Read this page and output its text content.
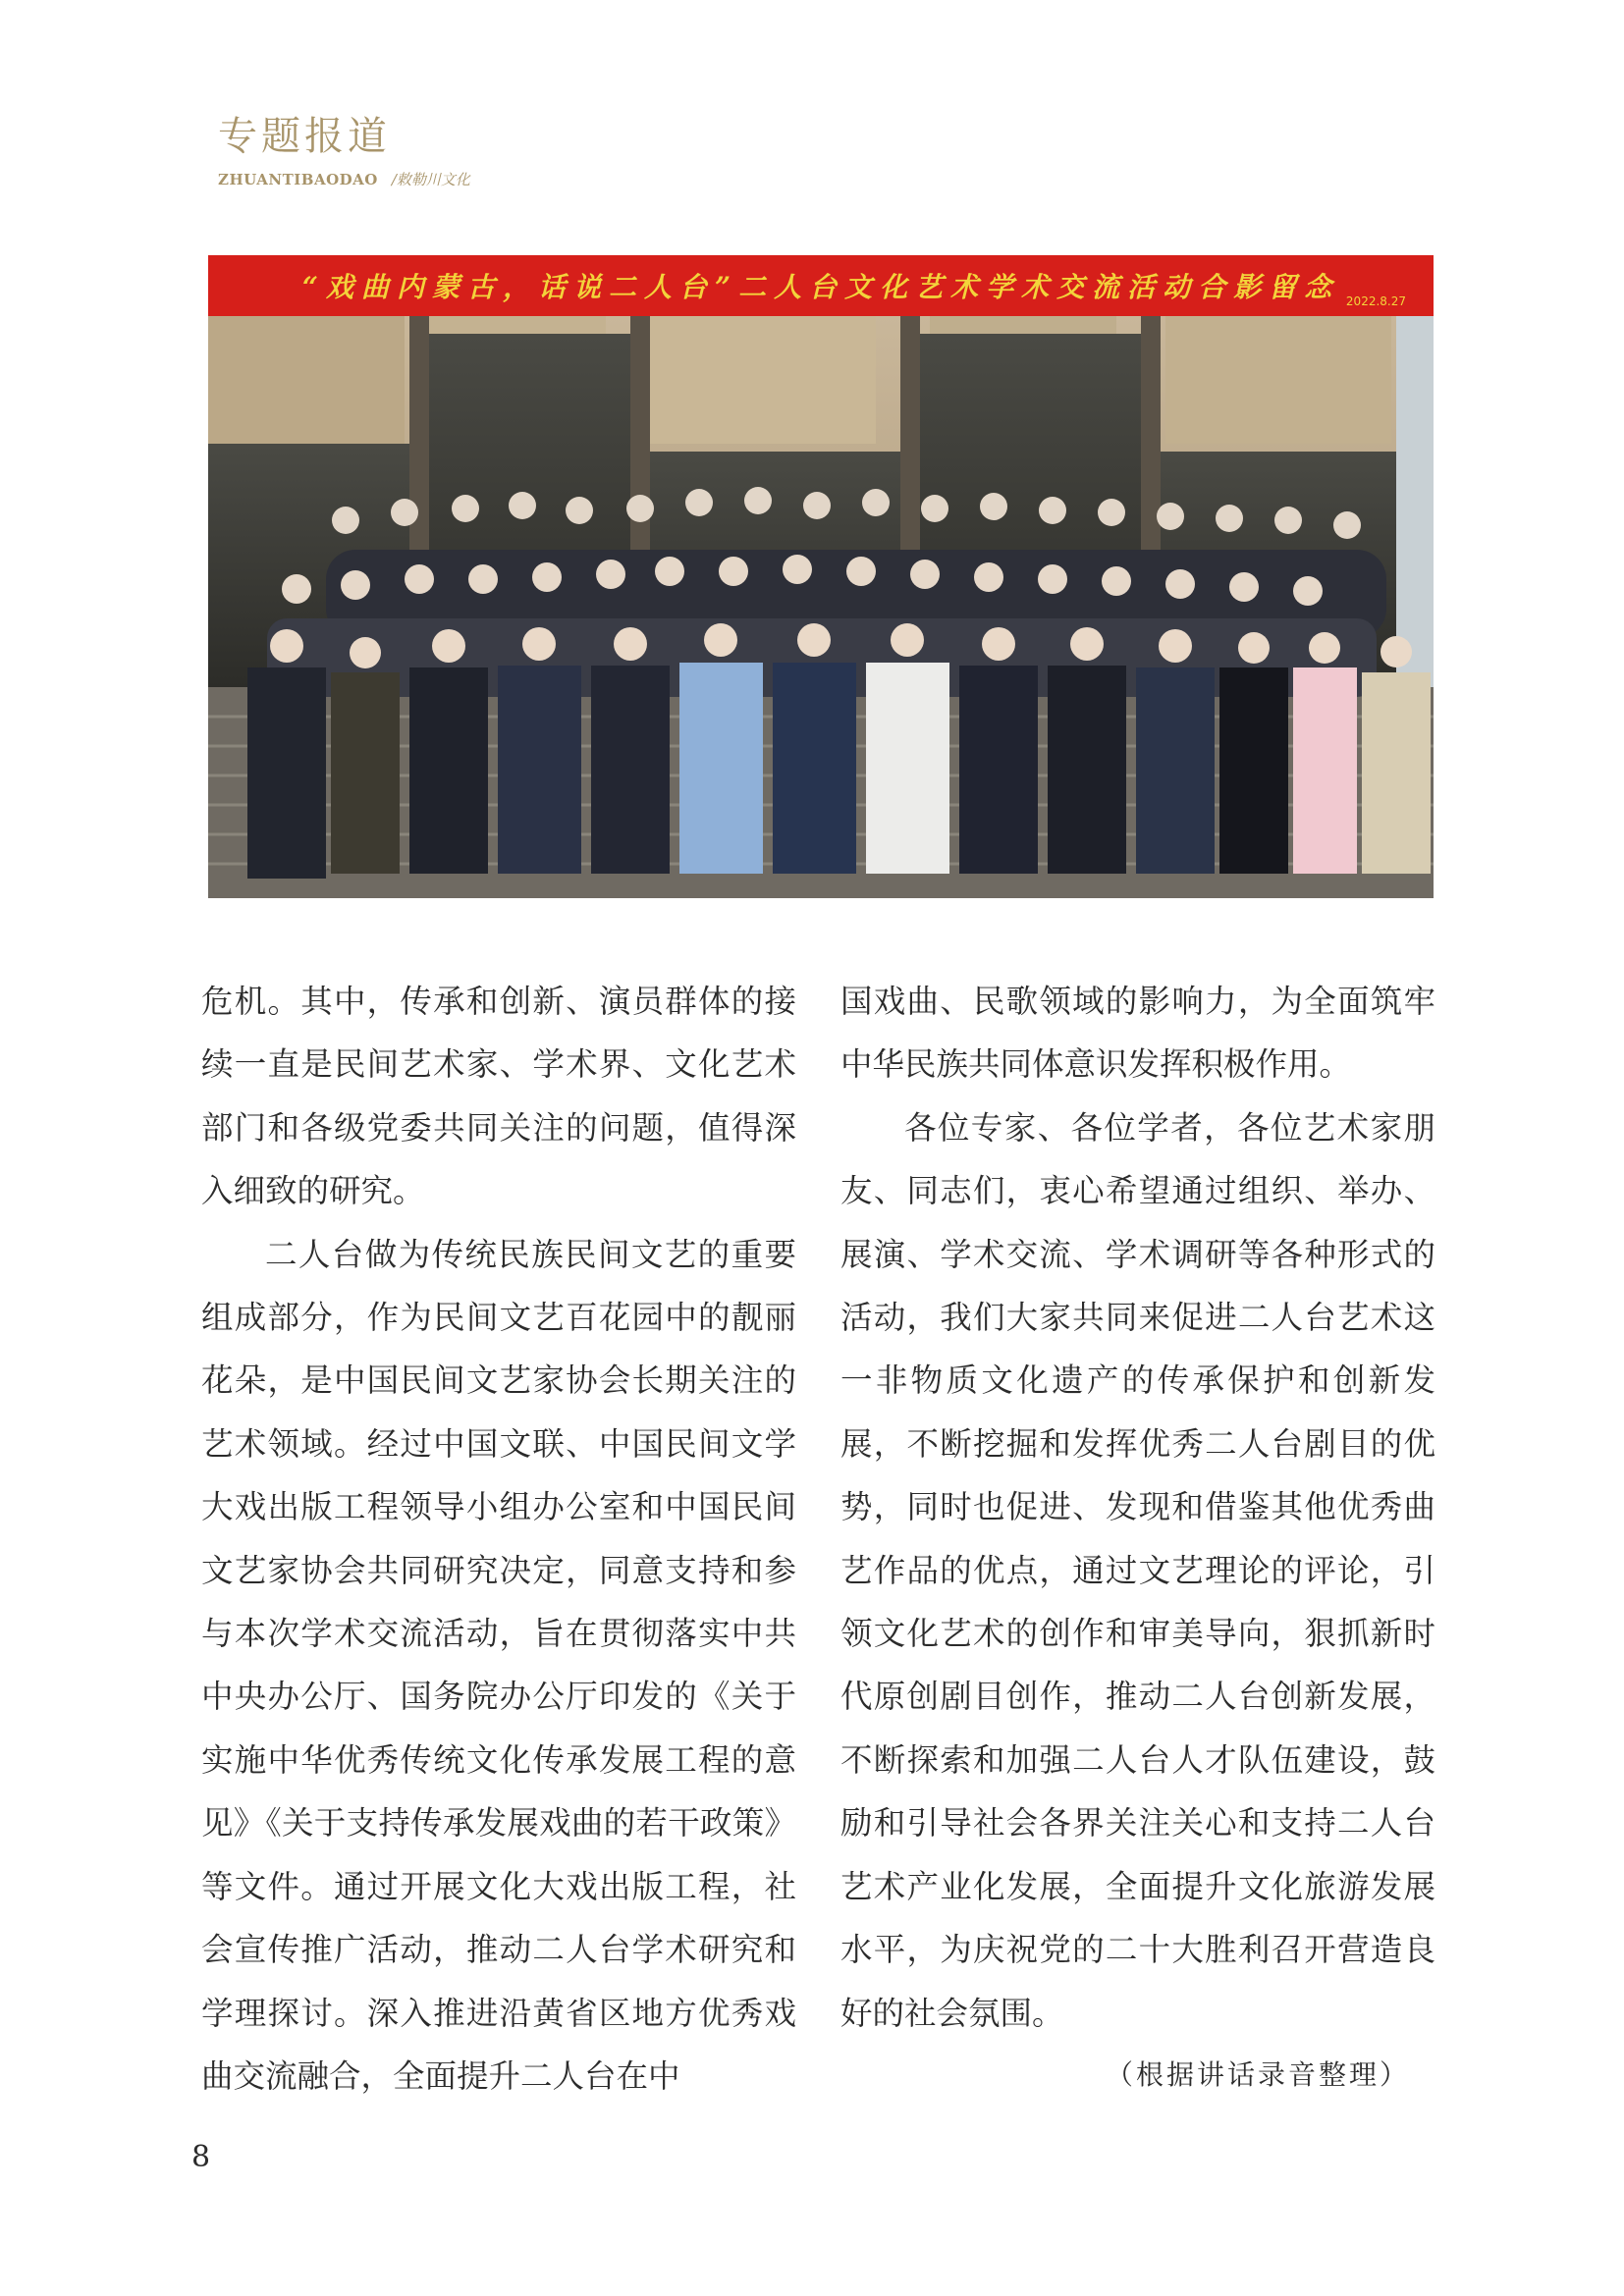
专题报道
ZHUANTIBAODAO /敕勒川文化
“戏曲内蒙古，话说二人台”二人台文化艺术学术交流活动合影留念 2022.8.27

危机。其中，传承和创新、演员群体的接续一直是民间艺术家、学术界、文化艺术部门和各级党委共同关注的问题，值得深入细致的研究。

二人台做为传统民族民间文艺的重要组成部分，作为民间文艺百花园中的靓丽花朵，是中国民间文艺家协会长期关注的艺术领域。经过中国文联、中国民间文学大戏出版工程领导小组办公室和中国民间文艺家协会共同研究决定，同意支持和参与本次学术交流活动，旨在贯彻落实中共中央办公厅、国务院办公厅印发的《关于实施中华优秀传统文化传承发展工程的意见》《关于支持传承发展戏曲的若干政策》等文件。通过开展文化大戏出版工程，社会宣传推广活动，推动二人台学术研究和学理探讨。深入推进沿黄省区地方优秀戏曲交流融合，全面提升二人台在中

国戏曲、民歌领域的影响力，为全面筑牢中华民族共同体意识发挥积极作用。

各位专家、各位学者，各位艺术家朋友、同志们，衷心希望通过组织、举办、展演、学术交流、学术调研等各种形式的活动，我们大家共同来促进二人台艺术这一非物质文化遗产的传承保护和创新发展，不断挖掘和发挥优秀二人台剧目的优势，同时也促进、发现和借鉴其他优秀曲艺作品的优点，通过文艺理论的评论，引领文化艺术的创作和审美导向，狠抓新时代原创剧目创作，推动二人台创新发展，不断探索和加强二人台人才队伍建设，鼓励和引导社会各界关注关心和支持二人台艺术产业化发展，全面提升文化旅游发展水平，为庆祝党的二十大胜利召开营造良好的社会氛围。

（根据讲话录音整理）
8
